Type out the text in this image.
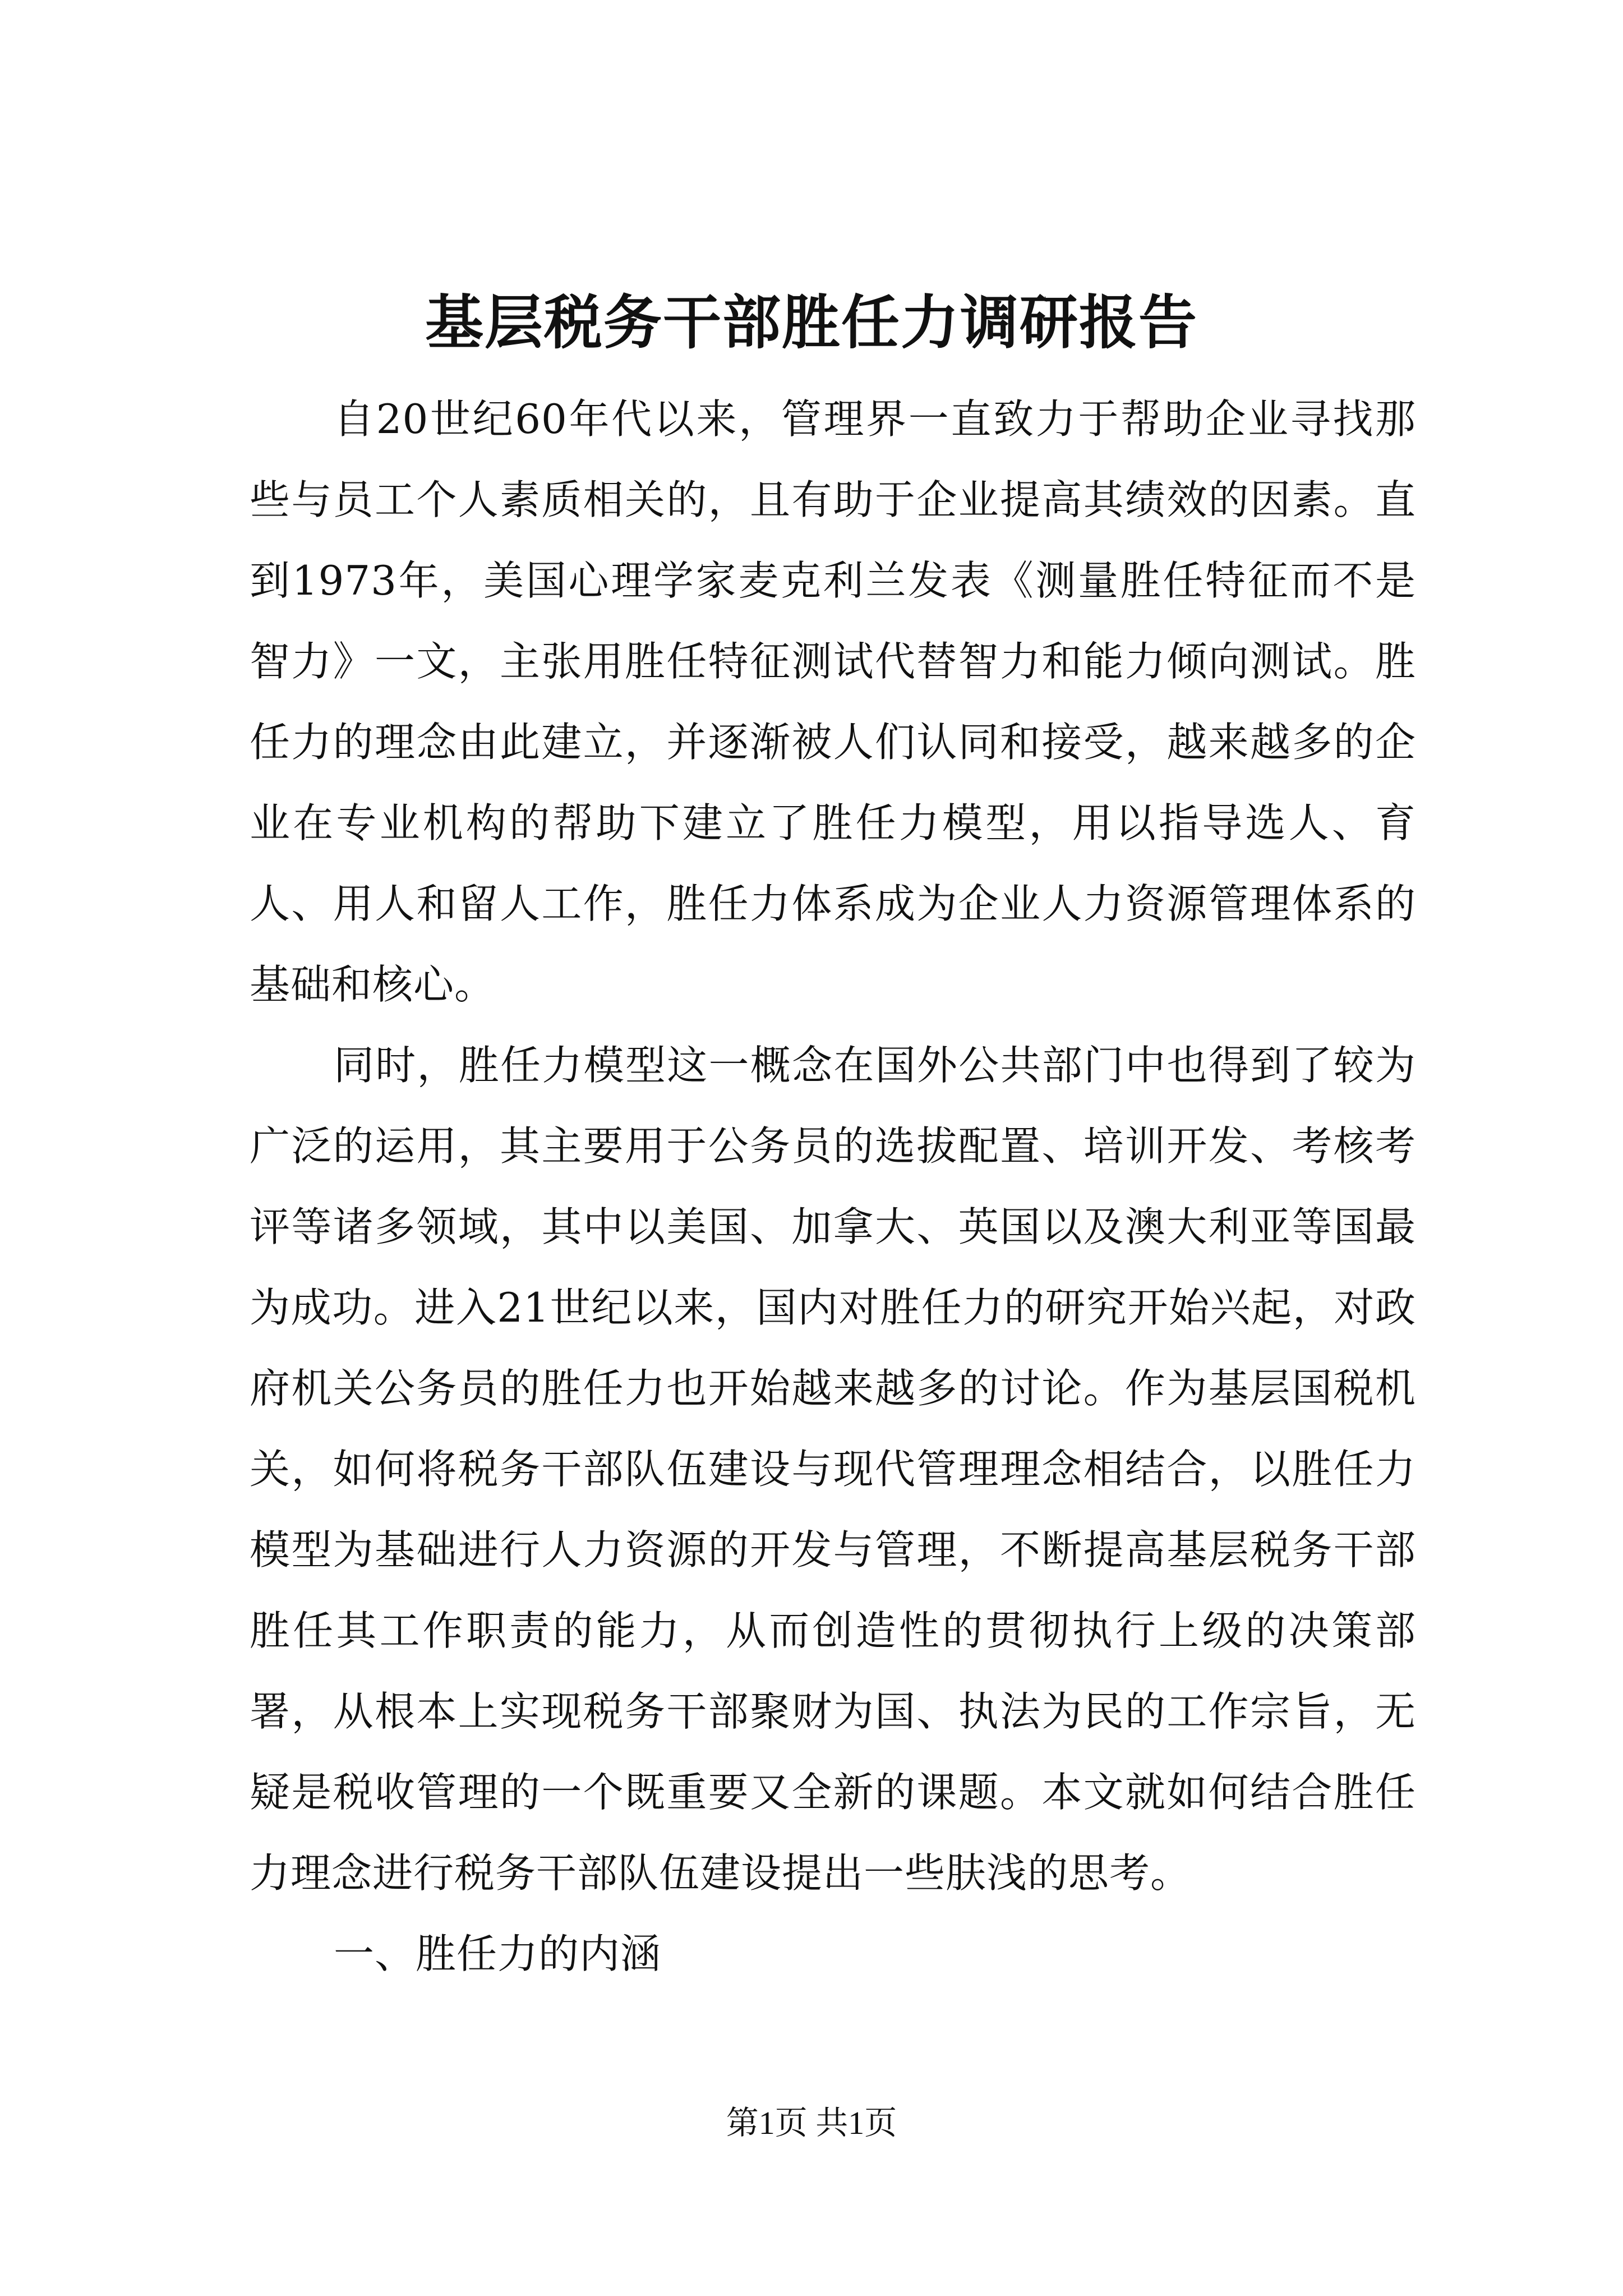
基层税务干部胜任力调研报告

自20世纪60年代以来，管理界一直致力于帮助企业寻找那些与员工个人素质相关的，且有助于企业提高其绩效的因素。直到1973年，美国心理学家麦克利兰发表《测量胜任特征而不是智力》一文，主张用胜任特征测试代替智力和能力倾向测试。胜任力的理念由此建立，并逐渐被人们认同和接受，越来越多的企业在专业机构的帮助下建立了胜任力模型，用以指导选人、育人、用人和留人工作，胜任力体系成为企业人力资源管理体系的基础和核心。

同时，胜任力模型这一概念在国外公共部门中也得到了较为广泛的运用，其主要用于公务员的选拔配置、培训开发、考核考评等诸多领域，其中以美国、加拿大、英国以及澳大利亚等国最为成功。进入21世纪以来，国内对胜任力的研究开始兴起，对政府机关公务员的胜任力也开始越来越多的讨论。作为基层国税机关，如何将税务干部队伍建设与现代管理理念相结合，以胜任力模型为基础进行人力资源的开发与管理，不断提高基层税务干部胜任其工作职责的能力，从而创造性的贯彻执行上级的决策部署，从根本上实现税务干部聚财为国、执法为民的工作宗旨，无疑是税收管理的一个既重要又全新的课题。本文就如何结合胜任力理念进行税务干部队伍建设提出一些肤浅的思考。

一、胜任力的内涵

第1页 共1页
